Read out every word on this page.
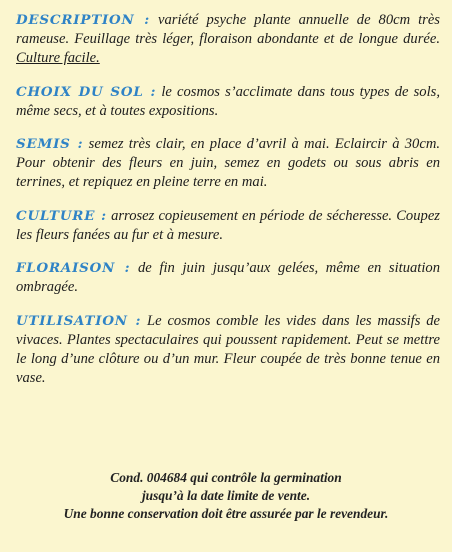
DESCRIPTION : variété psyche plante annuelle de 80cm très rameuse. Feuillage très léger, floraison abondante et de longue durée. Culture facile.

CHOIX DU SOL : le cosmos s’acclimate dans tous types de sols, même secs, et à toutes expositions.

SEMIS : semez très clair, en place d’avril à mai. Eclaircir à 30cm. Pour obtenir des fleurs en juin, semez en godets ou sous abris en terrines, et repiquez en pleine terre en mai.

CULTURE : arrosez copieusement en période de sécheresse. Coupez les fleurs fanées au fur et à mesure.

FLORAISON : de fin juin jusqu’aux gelées, même en situation ombragée.

UTILISATION : Le cosmos comble les vides dans les massifs de vivaces. Plantes spectaculaires qui poussent rapidement. Peut se mettre le long d’une clôture ou d’un mur. Fleur coupée de très bonne tenue en vase.

Cond. 004684 qui contrôle la germination
jusqu’à la date limite de vente.
Une bonne conservation doit être assurée par le revendeur.
